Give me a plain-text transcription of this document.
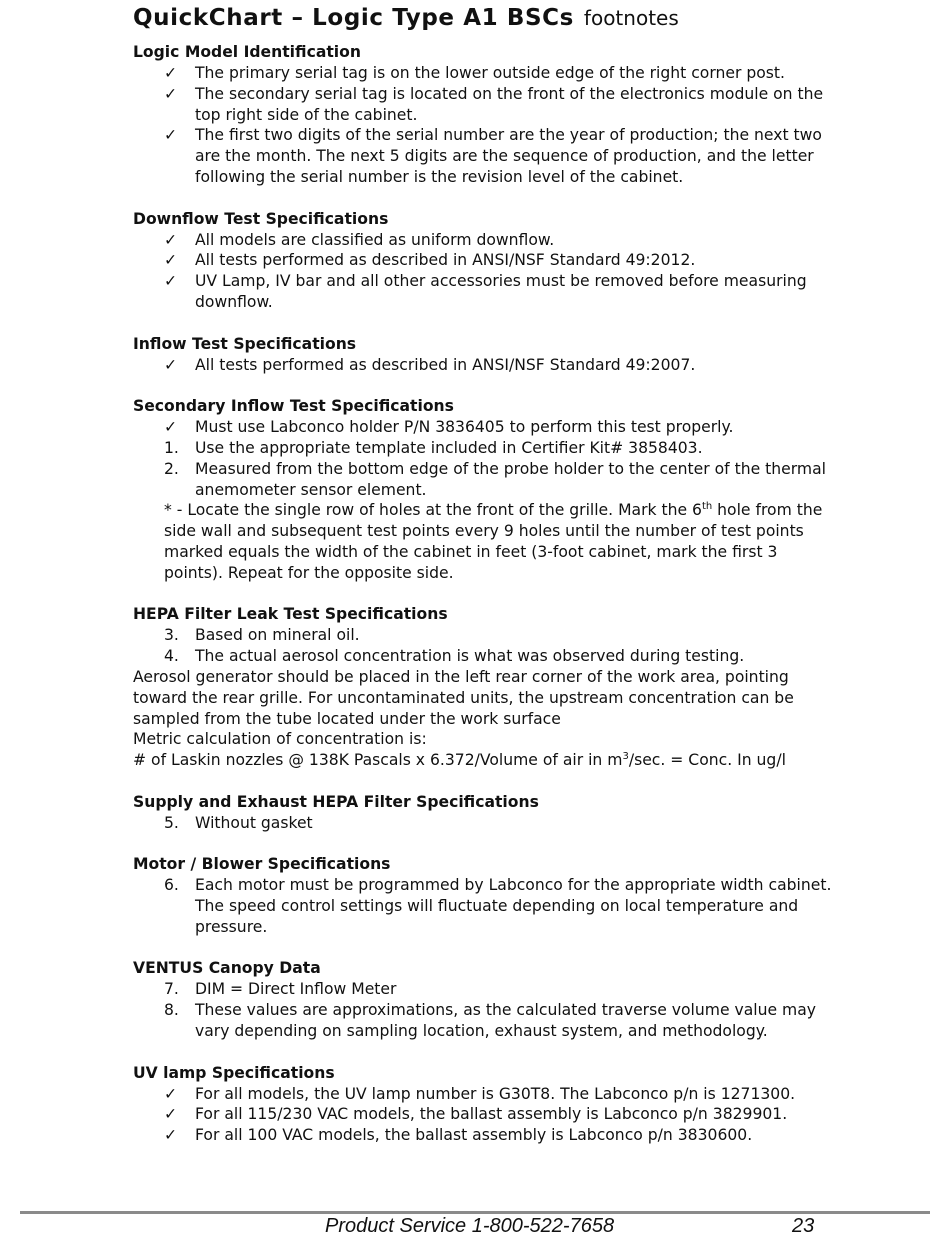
QuickChart – Logic Type A1 BSCs footnotes
Logic Model Identification
✓	The primary serial tag is on the lower outside edge of the right corner post.
✓	The secondary serial tag is located on the front of the electronics module on the top right side of the cabinet.
✓	The first two digits of the serial number are the year of production; the next two are the month. The next 5 digits are the sequence of production, and the letter following the serial number is the revision level of the cabinet.
Downflow Test Specifications
✓	All models are classified as uniform downflow.
✓	All tests performed as described in ANSI/NSF Standard 49:2012.
✓	UV Lamp, IV bar and all other accessories must be removed before measuring downflow.
Inflow Test Specifications
✓	All tests performed as described in ANSI/NSF Standard 49:2007.
Secondary Inflow Test Specifications
✓	Must use Labconco holder P/N 3836405 to perform this test properly.
1.	Use the appropriate template included in Certifier Kit# 3858403.
2.	Measured from the bottom edge of the probe holder to the center of the thermal anemometer sensor element.
* - Locate the single row of holes at the front of the grille. Mark the 6th hole from the side wall and subsequent test points every 9 holes until the number of test points marked equals the width of the cabinet in feet (3-foot cabinet, mark the first 3 points). Repeat for the opposite side.
HEPA Filter Leak Test Specifications
3.	Based on mineral oil.
4.	The actual aerosol concentration is what was observed during testing.
Aerosol generator should be placed in the left rear corner of the work area, pointing toward the rear grille. For uncontaminated units, the upstream concentration can be sampled from the tube located under the work surface
Metric calculation of concentration is:
# of Laskin nozzles @ 138K Pascals x 6.372/Volume of air in $m^3/\sec$. = Conc. In ug/l
Supply and Exhaust HEPA Filter Specifications
5.	Without gasket
Motor / Blower Specifications
6.	Each motor must be programmed by Labconco for the appropriate width cabinet. The speed control settings will fluctuate depending on local temperature and pressure.
VENTUS Canopy Data
7.	DIM = Direct Inflow Meter
8.	These values are approximations, as the calculated traverse volume value may vary depending on sampling location, exhaust system, and methodology.
UV lamp Specifications
✓	For all models, the UV lamp number is G30T8. The Labconco p/n is 1271300.
✓	For all 115/230 VAC models, the ballast assembly is Labconco p/n 3829901.
✓	For all 100 VAC models, the ballast assembly is Labconco p/n 3830600.
Product Service 1-800-522-7658	23
